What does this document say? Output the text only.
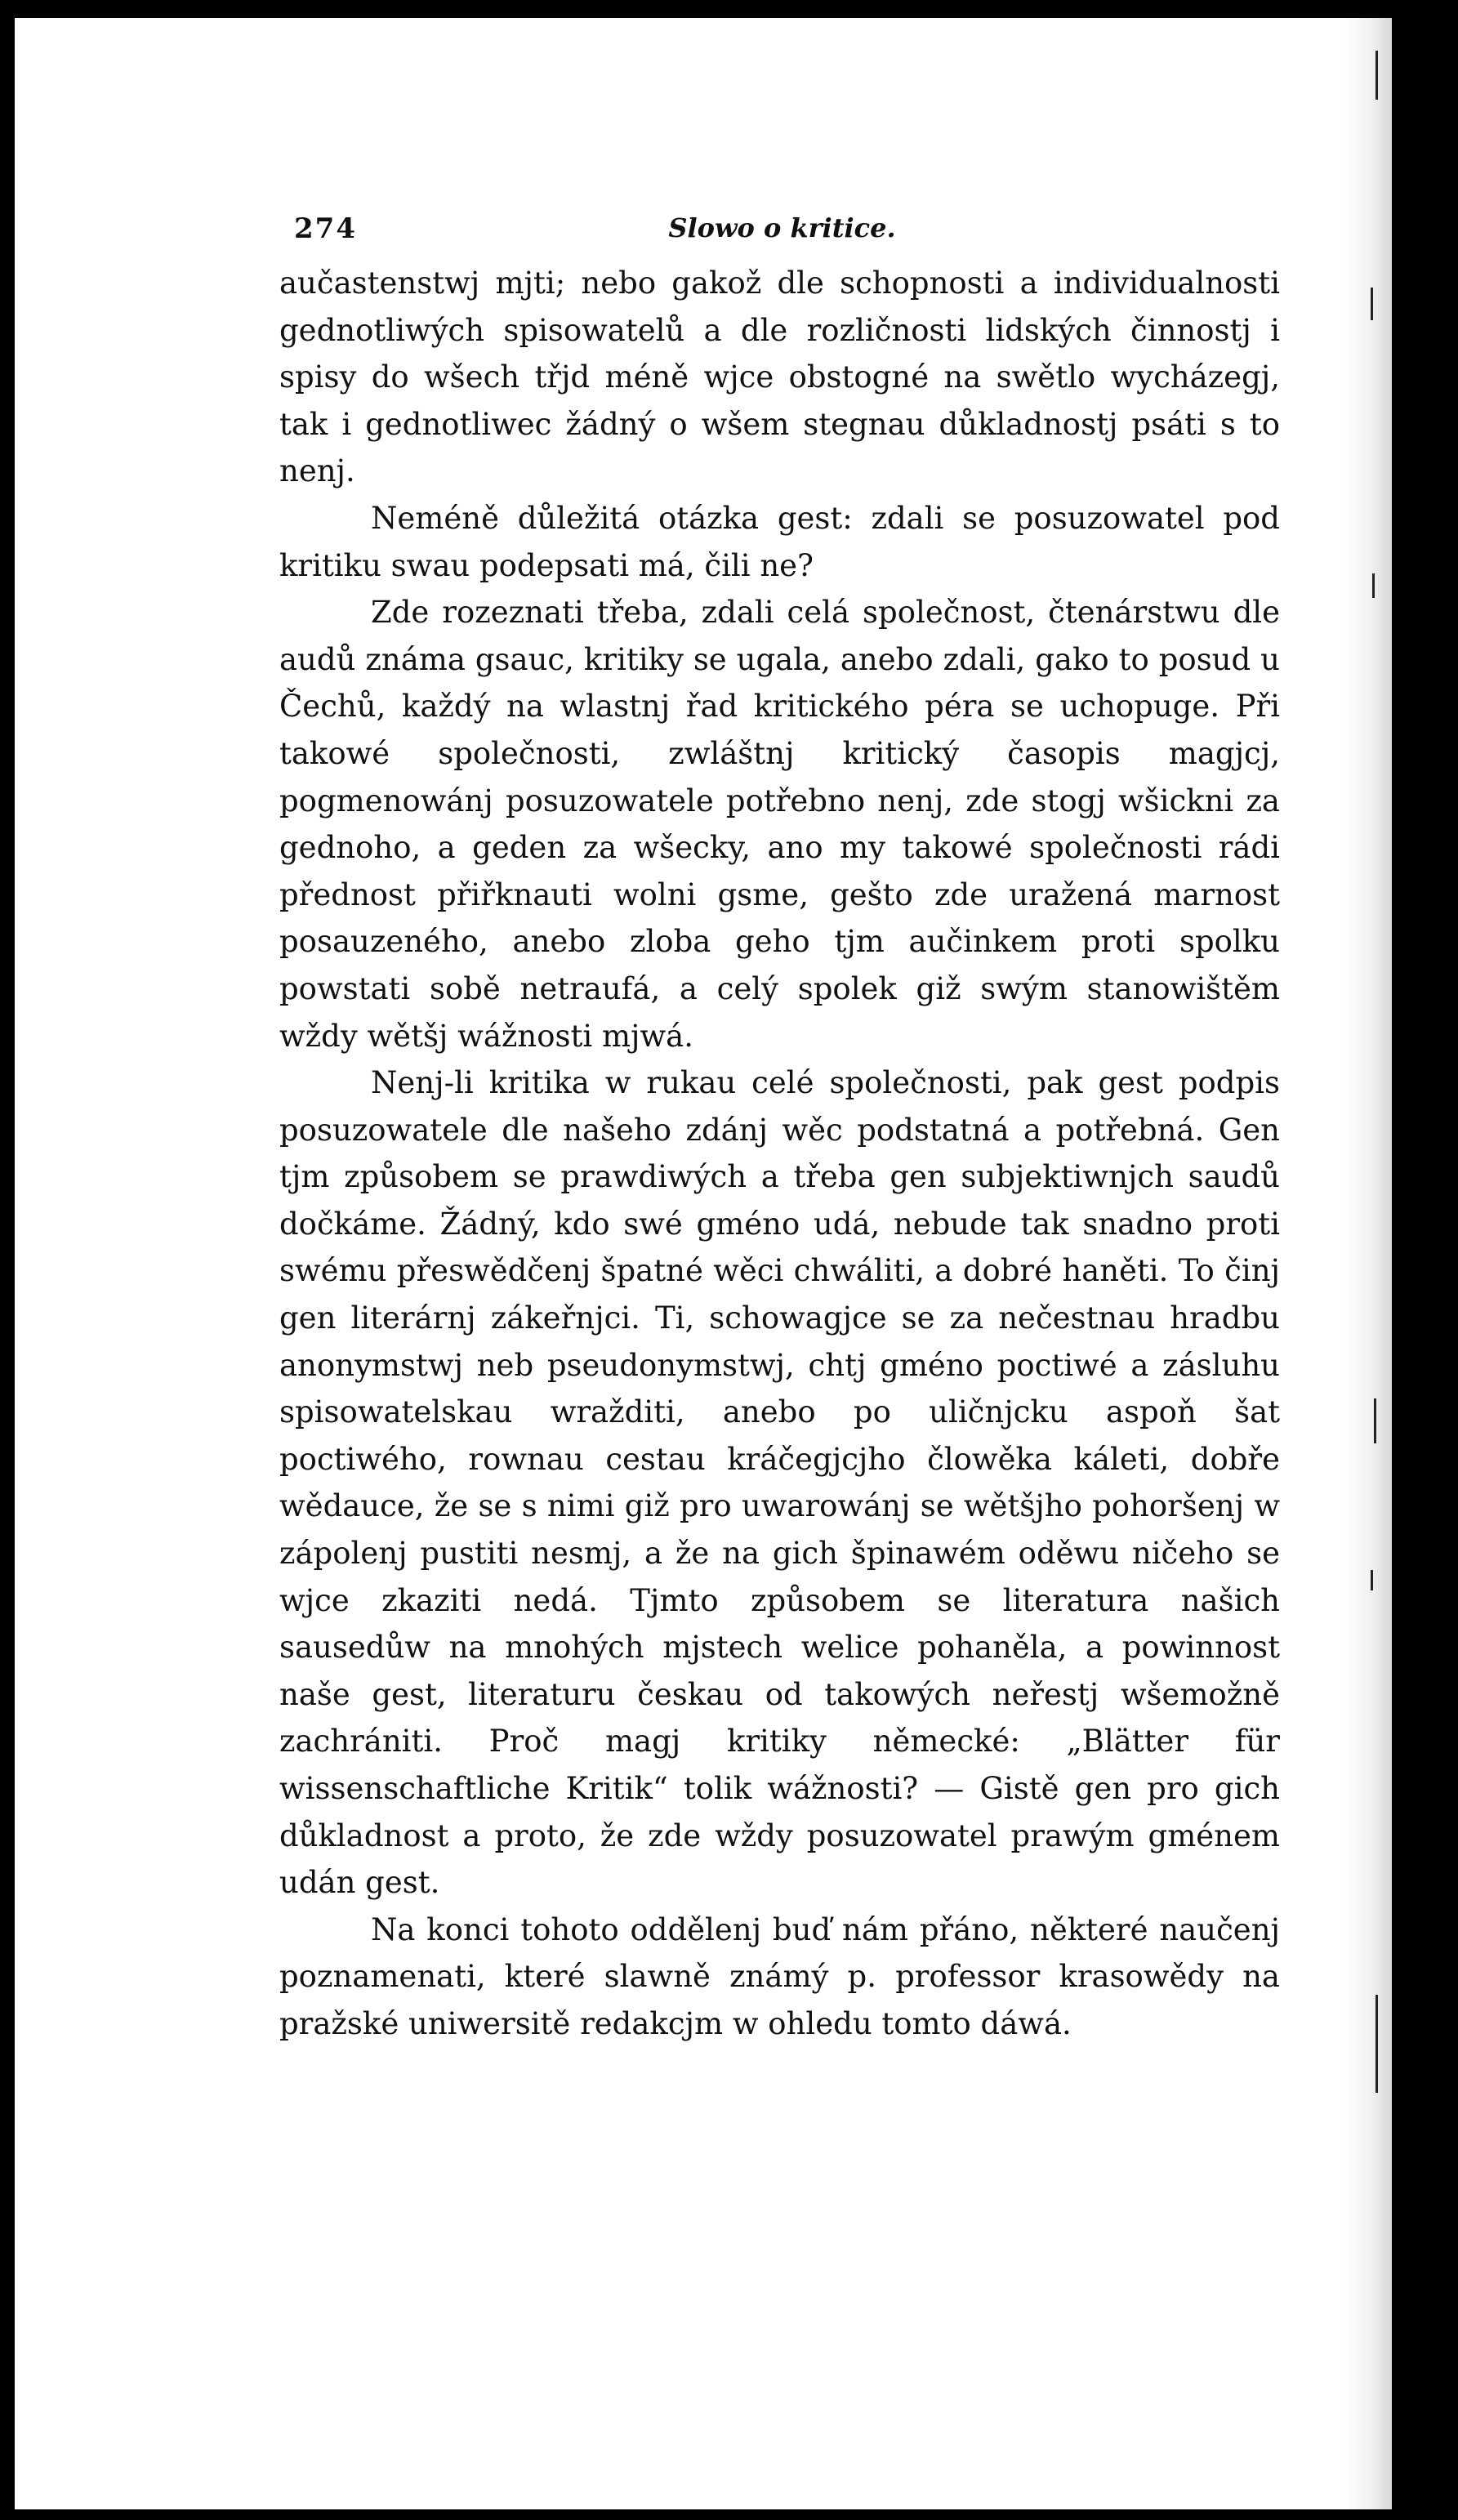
274	Slowo o kritice.

aučastenstwj mjti; nebo gakož dle schopnosti a individualnosti gednotliwých spisowatelů a dle rozličnosti lidských činnostj i spisy do wšech třjd méně wjce obstogné na swětlo wycházegj, tak i gednotliwec žádný o wšem stegnau důkladnostj psáti s to nenj.

Neméně důležitá otázka gest: zdali se posuzowatel pod kritiku swau podepsati má, čili ne?

Zde rozeznati třeba, zdali celá společnost, čtenárstwu dle audů známa gsauc, kritiky se ugala, anebo zdali, gako to posud u Čechů, každý na wlastnj řad kritického péra se uchopuge. Při takowé společnosti, zwláštnj kritický časopis magjcj, pogmenowánj posuzowatele potřebno nenj, zde stogj wšickni za gednoho, a geden za wšecky, ano my takowé společnosti rádi přednost přiřknauti wolni gsme, gešto zde uražená marnost posauzeného, anebo zloba geho tjm aučinkem proti spolku powstati sobě netraufá, a celý spolek giž swým stanowištěm wždy wětšj wážnosti mjwá.

Nenj-li kritika w rukau celé společnosti, pak gest podpis posuzowatele dle našeho zdánj wěc podstatná a potřebná. Gen tjm způsobem se prawdiwých a třeba gen subjektiwnjch saudů dočkáme. Žádný, kdo swé gméno udá, nebude tak snadno proti swému přeswědčenj špatné wěci chwáliti, a dobré haněti. To činj gen literárnj zákeřnjci. Ti, schowagjce se za nečestnau hradbu anonymstwj neb pseudonymstwj, chtj gméno poctiwé a zásluhu spisowatelskau wražditi, anebo po uličnjcku aspoň šat poctiwého, rownau cestau kráčegjcjho člowěka káleti, dobře wědauce, že se s nimi giž pro uwarowánj se wětšjho pohoršenj w zápolenj pustiti nesmj, a že na gich špinawém oděwu ničeho se wjce zkaziti nedá. Tjmto způsobem se literatura našich sausedůw na mnohých mjstech welice pohaněla, a powinnost naše gest, literaturu českau od takowých neřestj wšemožně zachrániti. Proč magj kritiky německé: „Blätter für wissenschaftliche Kritik“ tolik wážnosti? — Gistě gen pro gich důkladnost a proto, že zde wždy posuzowatel prawým gménem udán gest.

Na konci tohoto oddělenj buď nám přáno, některé naučenj poznamenati, které slawně známý p. professor krasowědy na pražské uniwersitě redakcjm w ohledu tomto dáwá.
